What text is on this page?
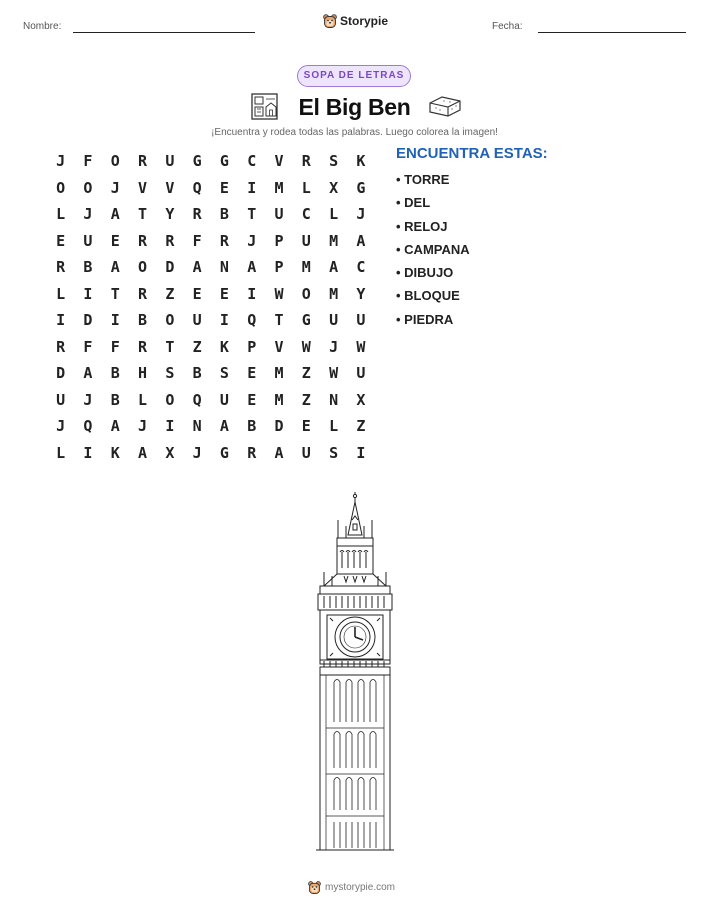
Nombre:	Fecha:
Storypie
SOPA DE LETRAS
El Big Ben
¡Encuentra y rodea todas las palabras. Luego colorea la imagen!
J	F	O	R	U	G	G	C	V	R	S	K
O	O	J	V	V	Q	E	I	M	L	X	G
L	J	A	T	Y	R	B	T	U	C	L	J
E	U	E	R	R	F	R	J	P	U	M	A
R	B	A	O	D	A	N	A	P	M	A	C
L	I	T	R	Z	E	E	I	W	O	M	Y
I	D	I	B	O	U	I	Q	T	G	U	U
R	F	F	R	T	Z	K	P	V	W	J	W
D	A	B	H	S	B	S	E	M	Z	W	U
U	J	B	L	O	Q	U	E	M	Z	N	X
J	Q	A	J	I	N	A	B	D	E	L	Z
L	I	K	A	X	J	G	R	A	U	S	I
ENCUENTRA ESTAS:
• TORRE
• DEL
• RELOJ
• CAMPANA
• DIBUJO
• BLOQUE
• PIEDRA
mystorypie.com
